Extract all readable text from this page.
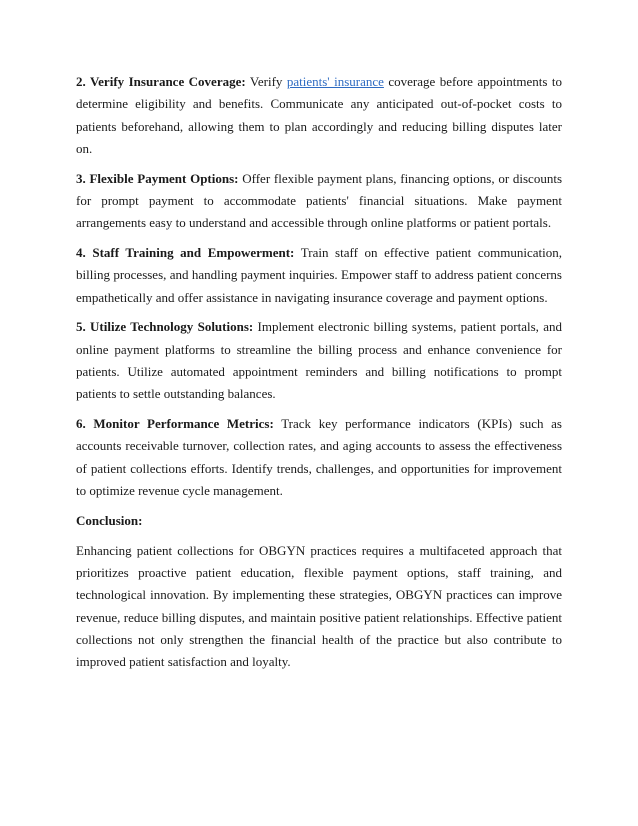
2. Verify Insurance Coverage: Verify patients' insurance coverage before appointments to determine eligibility and benefits. Communicate any anticipated out-of-pocket costs to patients beforehand, allowing them to plan accordingly and reducing billing disputes later on.

3. Flexible Payment Options: Offer flexible payment plans, financing options, or discounts for prompt payment to accommodate patients' financial situations. Make payment arrangements easy to understand and accessible through online platforms or patient portals.

4. Staff Training and Empowerment: Train staff on effective patient communication, billing processes, and handling payment inquiries. Empower staff to address patient concerns empathetically and offer assistance in navigating insurance coverage and payment options.

5. Utilize Technology Solutions: Implement electronic billing systems, patient portals, and online payment platforms to streamline the billing process and enhance convenience for patients. Utilize automated appointment reminders and billing notifications to prompt patients to settle outstanding balances.

6. Monitor Performance Metrics: Track key performance indicators (KPIs) such as accounts receivable turnover, collection rates, and aging accounts to assess the effectiveness of patient collections efforts. Identify trends, challenges, and opportunities for improvement to optimize revenue cycle management.

Conclusion:

Enhancing patient collections for OBGYN practices requires a multifaceted approach that prioritizes proactive patient education, flexible payment options, staff training, and technological innovation. By implementing these strategies, OBGYN practices can improve revenue, reduce billing disputes, and maintain positive patient relationships. Effective patient collections not only strengthen the financial health of the practice but also contribute to improved patient satisfaction and loyalty.
